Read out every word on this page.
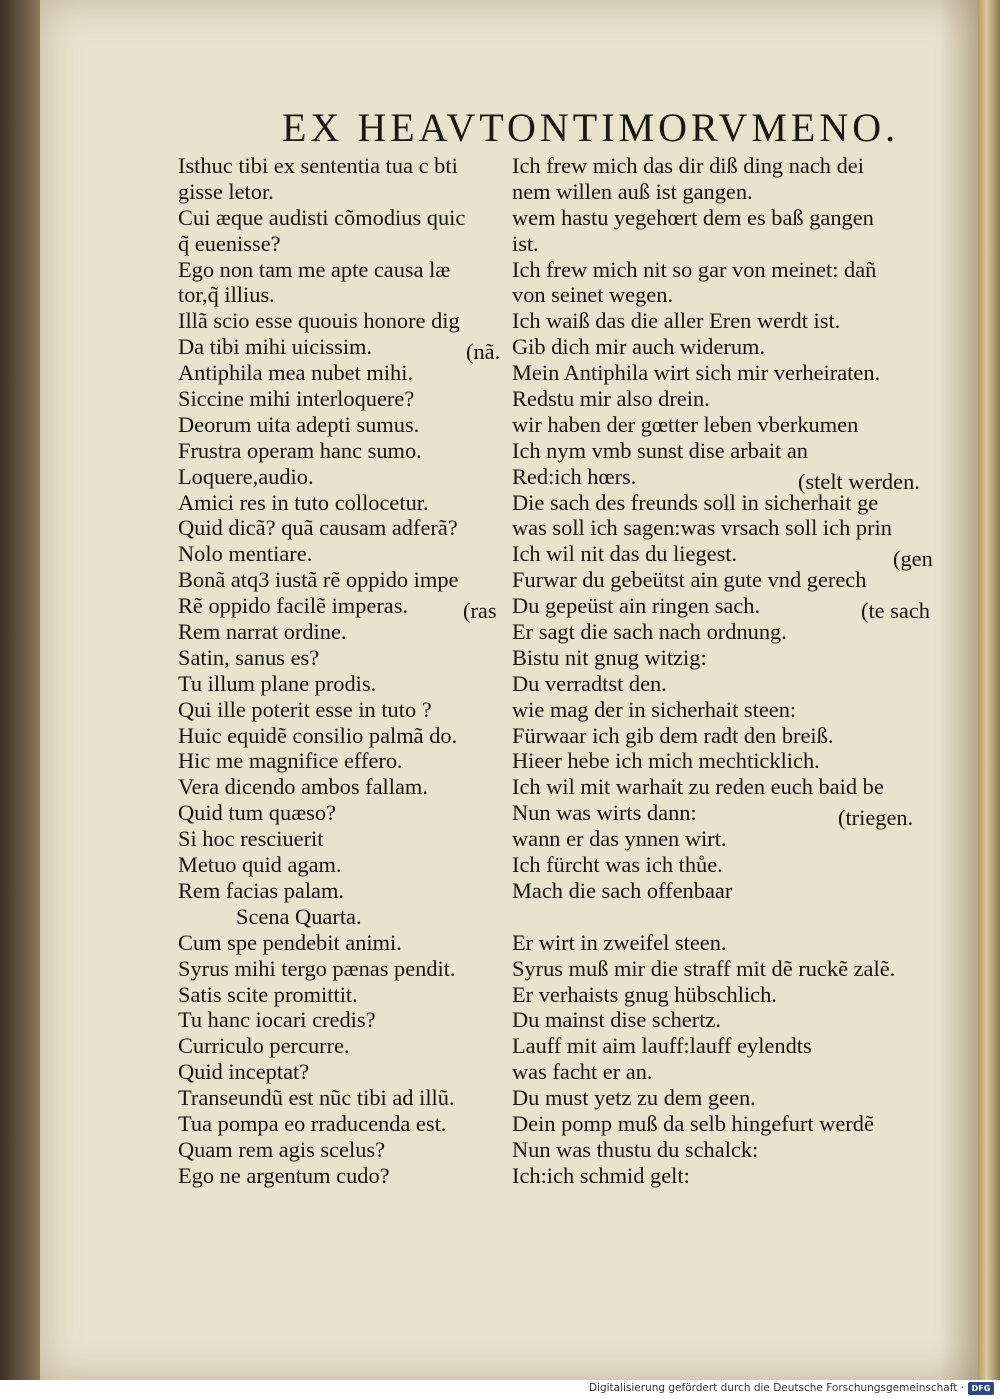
EX HEAVTONTIMORVMENO.
Isthuc tibi ex sententia tua c bti
gisse letor.
Cui æque audisti cõmodius quic
q̃ euenisse?
Ego non tam me apte causa læ
tor,q̃ illius.
Illã scio esse quouis honore dig
Da tibi mihi uicissim.
Antiphila mea nubet mihi.
Siccine mihi interloquere?
Deorum uita adepti sumus.
Frustra operam hanc sumo.
Loquere,audio.
Amici res in tuto collocetur.
Quid dicã? quã causam adferã?
Nolo mentiare.
Bonã atq3 iustã rẽ oppido impe
Rẽ oppido facilẽ imperas.
Rem narrat ordine.
Satin, sanus es?
Tu illum plane prodis.
Qui ille poterit esse in tuto ?
Huic equidẽ consilio palmã do.
Hic me magnifice effero.
Vera dicendo ambos fallam.
Quid tum quæso?
Si hoc resciuerit
Metuo quid agam.
Rem facias palam.
Scena Quarta.
Cum spe pendebit animi.
Syrus mihi tergo pænas pendit.
Satis scite promittit.
Tu hanc iocari credis?
Curriculo percurre.
Quid inceptat?
Transeundũ est nũc tibi ad illũ.
Tua pompa eo rraducenda est.
Quam rem agis scelus?
Ego ne argentum cudo?
Ich frew mich das dir diß ding nach dei
nem willen auß ist gangen.
wem hastu yegehœrt dem es baß gangen
ist.
Ich frew mich nit so gar von meinet: dañ
von seinet wegen.
Ich waiß das die aller Eren werdt ist.
Gib dich mir auch widerum.
Mein Antiphila wirt sich mir verheiraten.
Redstu mir also drein.
wir haben der gœtter leben vberkumen
Ich nym vmb sunst dise arbait an
Red:ich hœrs.
Die sach des freunds soll in sicherhait ge
was soll ich sagen:was vrsach soll ich prin
Ich wil nit das du liegest.
Furwar du gebeütst ain gute vnd gerech
Du gepeüst ain ringen sach.
Er sagt die sach nach ordnung.
Bistu nit gnug witzig:
Du verradtst den.
wie mag der in sicherhait steen:
Fürwaar ich gib dem radt den breiß.
Hieer hebe ich mich mechticklich.
Ich wil mit warhait zu reden euch baid be
Nun was wirts dann:
wann er das ynnen wirt.
Ich fürcht was ich thůe.
Mach die sach offenbaar
Er wirt in zweifel steen.
Syrus muß mir die straff mit dẽ ruckẽ zalẽ.
Er verhaists gnug hübschlich.
Du mainst dise schertz.
Lauff mit aim lauff:lauff eylendts
was facht er an.
Du must yetz zu dem geen.
Dein pomp muß da selb hingefurt werdẽ
Nun was thustu du schalck:
Ich:ich schmid gelt:
(nã.
(ras
(stelt werden.
(gen
(te sach
(triegen.
Digitalisierung gefördert durch die Deutsche Forschungsgemeinschaft · DFG
